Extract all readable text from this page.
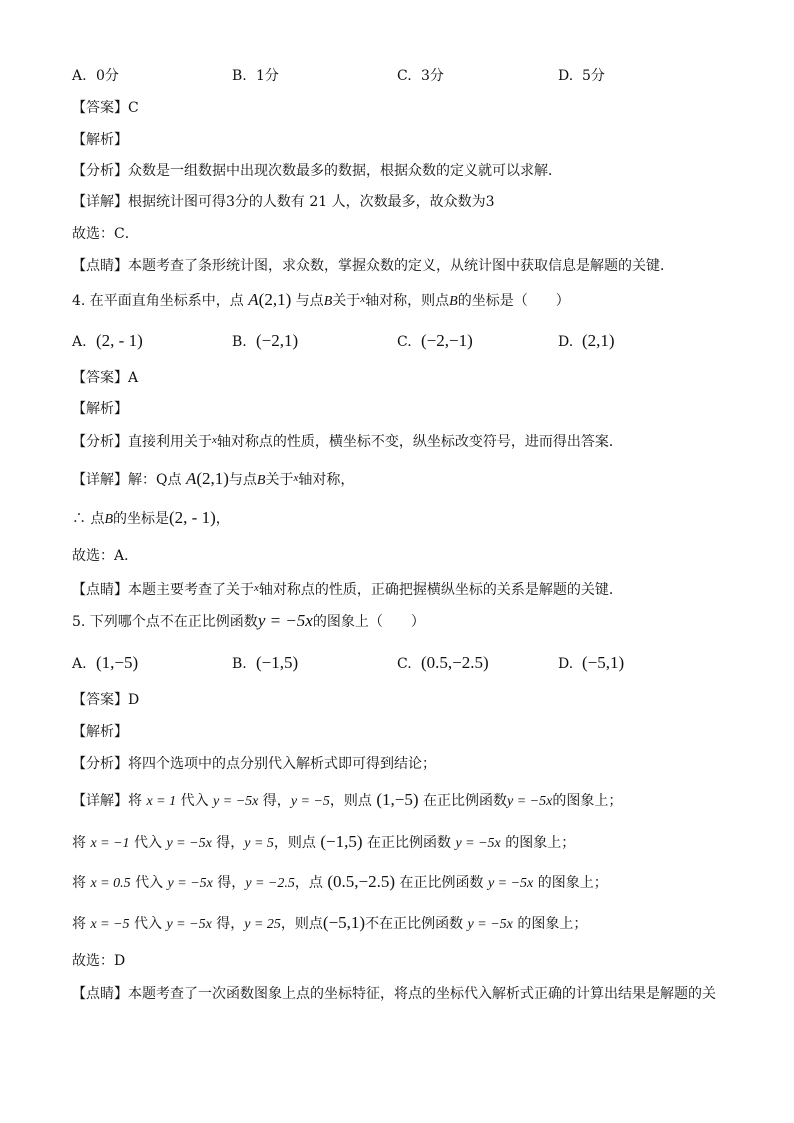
A. 0分	B. 1分	C. 3分	D. 5分
【答案】C
【解析】
【分析】众数是一组数据中出现次数最多的数据，根据众数的定义就可以求解．
【详解】根据统计图可得3分的人数有 21 人，次数最多，故众数为3
故选：C．
【点睛】本题考查了条形统计图，求众数，掌握众数的定义，从统计图中获取信息是解题的关键．
4. 在平面直角坐标系中，点 A(2,1) 与点B关于$^x$轴对称，则点B的坐标是（　　）
A. (2, - 1)	B. (−2,1)	C. (−2,−1)	D. (2,1)
【答案】A
【解析】
【分析】直接利用关于$^x$轴对称点的性质，横坐标不变，纵坐标改变符号，进而得出答案．
【详解】解：Q点 A(2,1)与点B关于$^x$轴对称，
∴ 点B的坐标是(2, - 1)，
故选：A．
【点睛】本题主要考查了关于$^x$轴对称点的性质，正确把握横纵坐标的关系是解题的关键．
5. 下列哪个点不在正比例函数y = −5x的图象上（　　）
A. (1,−5)	B. (−1,5)	C. (0.5,−2.5)	D. (−5,1)
【答案】D
【解析】
【分析】将四个选项中的点分别代入解析式即可得到结论；
【详解】将 x = 1 代入 y = −5x 得，y = −5，则点 (1,−5) 在正比例函数y = −5x的图象上；
将 x = −1 代入 y = −5x 得，y = 5，则点 (−1,5) 在正比例函数 y = −5x 的图象上；
将 x = 0.5 代入 y = −5x 得，y = −2.5，点 (0.5,−2.5) 在正比例函数 y = −5x 的图象上；
将 x = −5 代入 y = −5x 得，y = 25，则点(−5,1)不在正比例函数 y = −5x 的图象上；
故选：D
【点睛】本题考查了一次函数图象上点的坐标特征，将点的坐标代入解析式正确的计算出结果是解题的关
